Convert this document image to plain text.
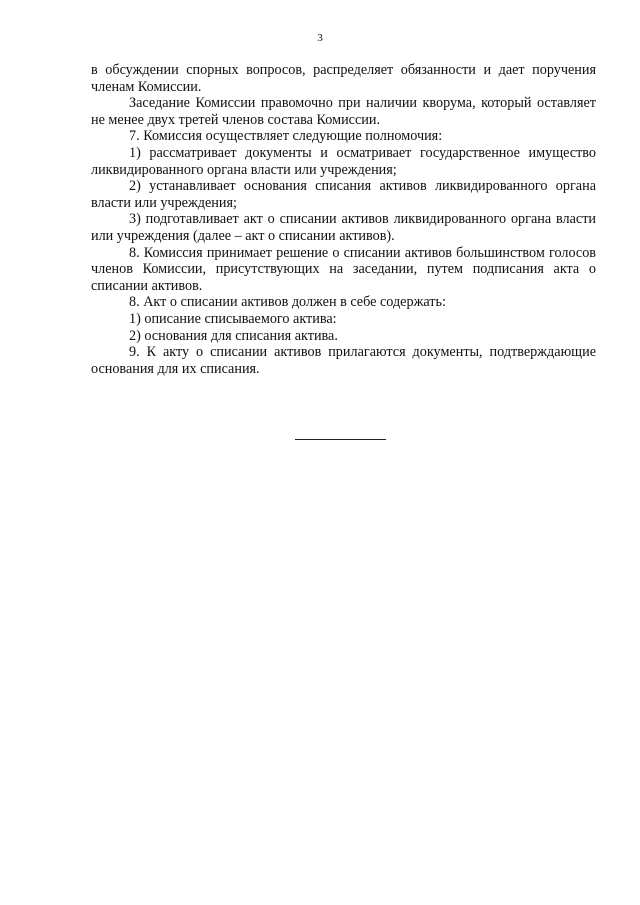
3

в обсуждении спорных вопросов, распределяет обязанности и дает поручения членам Комиссии.

Заседание Комиссии правомочно при наличии кворума, который оставляет не менее двух третей членов состава Комиссии.

7. Комиссия осуществляет следующие полномочия:

1) рассматривает документы и осматривает государственное имущество ликвидированного органа власти или учреждения;

2) устанавливает основания списания активов ликвидированного органа власти или учреждения;

3) подготавливает акт о списании активов ликвидированного органа власти или учреждения (далее – акт о списании активов).

8. Комиссия принимает решение о списании активов большинством голосов членов Комиссии, присутствующих на заседании, путем подписания акта о списании активов.

8. Акт о списании активов должен в себе содержать:

1) описание списываемого актива:

2) основания для списания актива.

9. К акту о списании активов прилагаются документы, подтверждающие основания для их списания.
